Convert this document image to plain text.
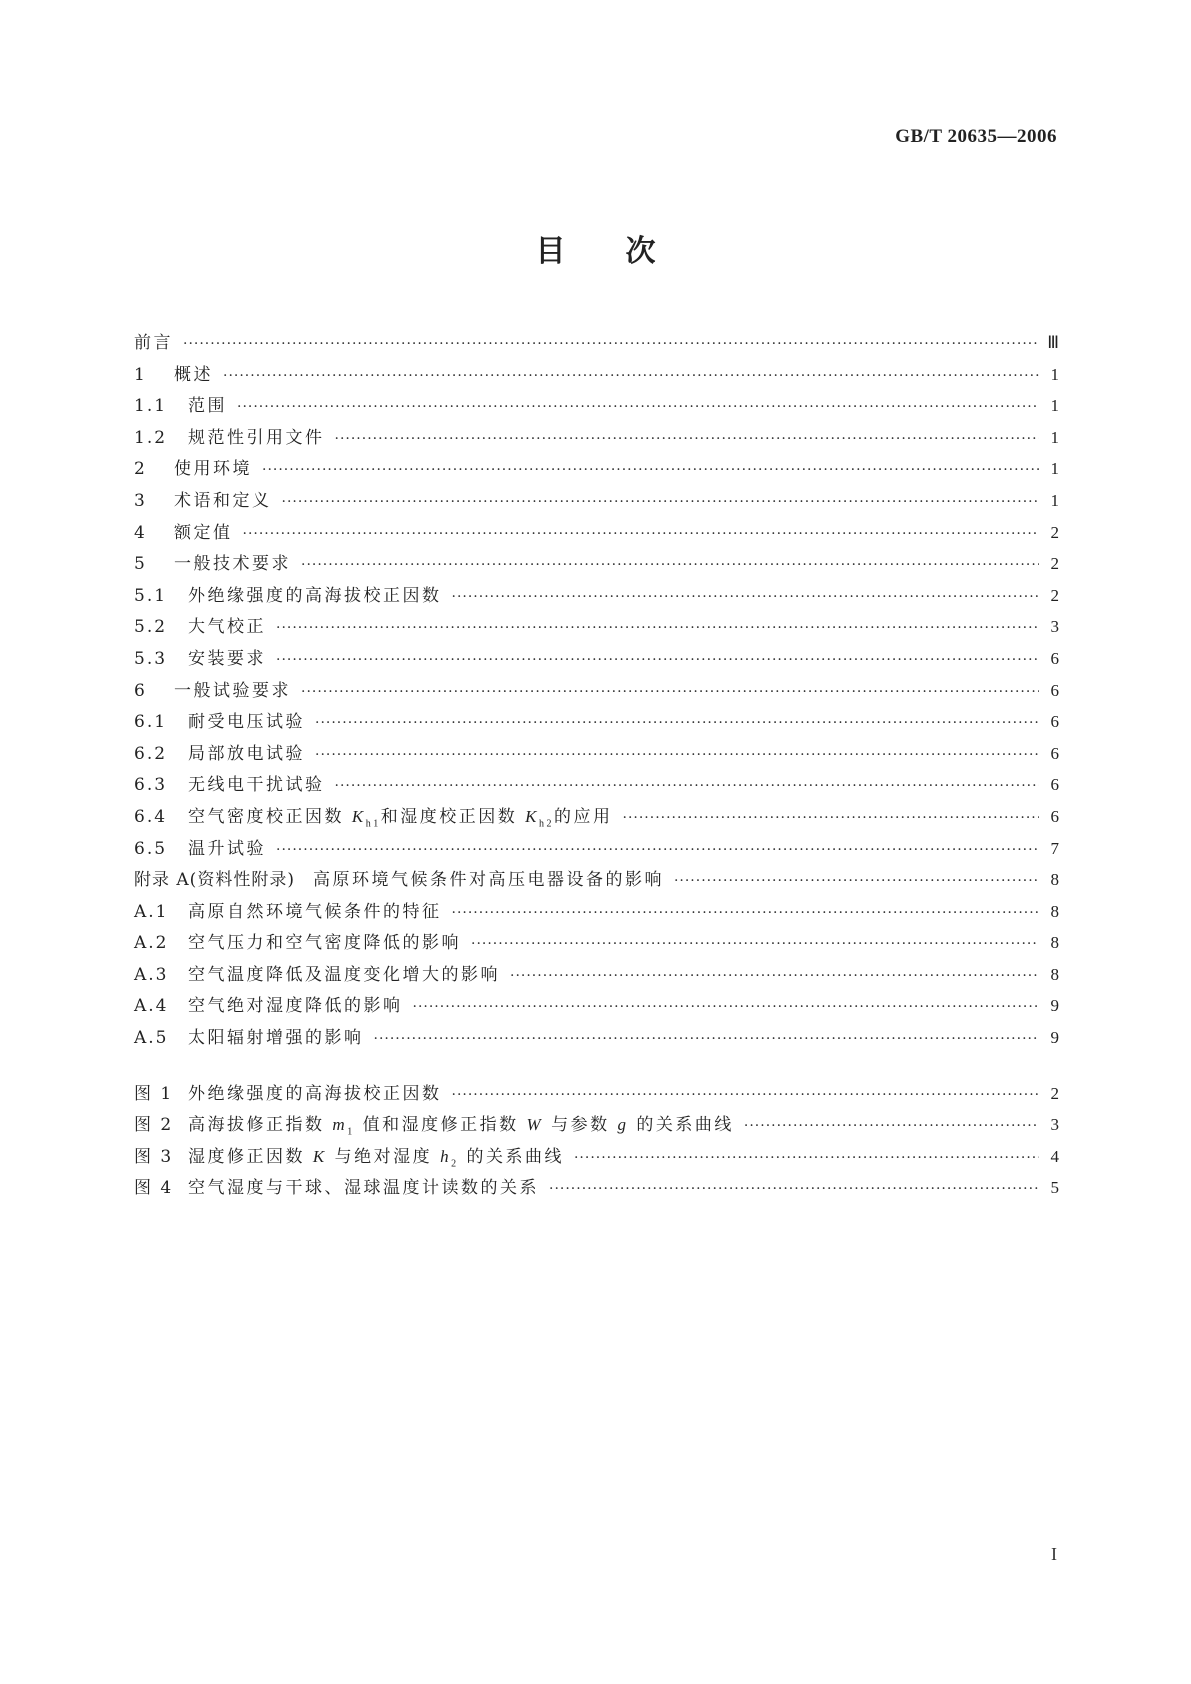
GB/T 20635—2006
目 次
前言 ·····	Ⅲ
1	概述 ·····	1
1.1	范围 ·····	1
1.2	规范性引用文件 ·····	1
2	使用环境 ·····	1
3	术语和定义 ·····	1
4	额定值 ·····	2
5	一般技术要求 ·····	2
5.1	外绝缘强度的高海拔校正因数 ·····	2
5.2	大气校正 ·····	3
5.3	安装要求 ·····	6
6	一般试验要求 ·····	6
6.1	耐受电压试验 ·····	6
6.2	局部放电试验 ·····	6
6.3	无线电干扰试验 ·····	6
6.4	空气密度校正因数 $K_{h1}$和湿度校正因数 $K_{h2}$的应用 ·····	6
6.5	温升试验 ·····	7
附录 A(资料性附录) 高原环境气候条件对高压电器设备的影响 ·····	8
A.1	高原自然环境气候条件的特征 ·····	8
A.2	空气压力和空气密度降低的影响 ·····	8
A.3	空气温度降低及温度变化增大的影响 ·····	8
A.4	空气绝对湿度降低的影响 ·····	9
A.5	太阳辐射增强的影响 ·····	9
图 1 外绝缘强度的高海拔校正因数 ·····	2
图 2 高海拔修正指数 $m_1$ 值和湿度修正指数 W 与参数 g 的关系曲线 ·····	3
图 3 湿度修正因数 K 与绝对湿度 $h_2$ 的关系曲线 ·····	4
图 4 空气湿度与干球、湿球温度计读数的关系 ·····	5
I
